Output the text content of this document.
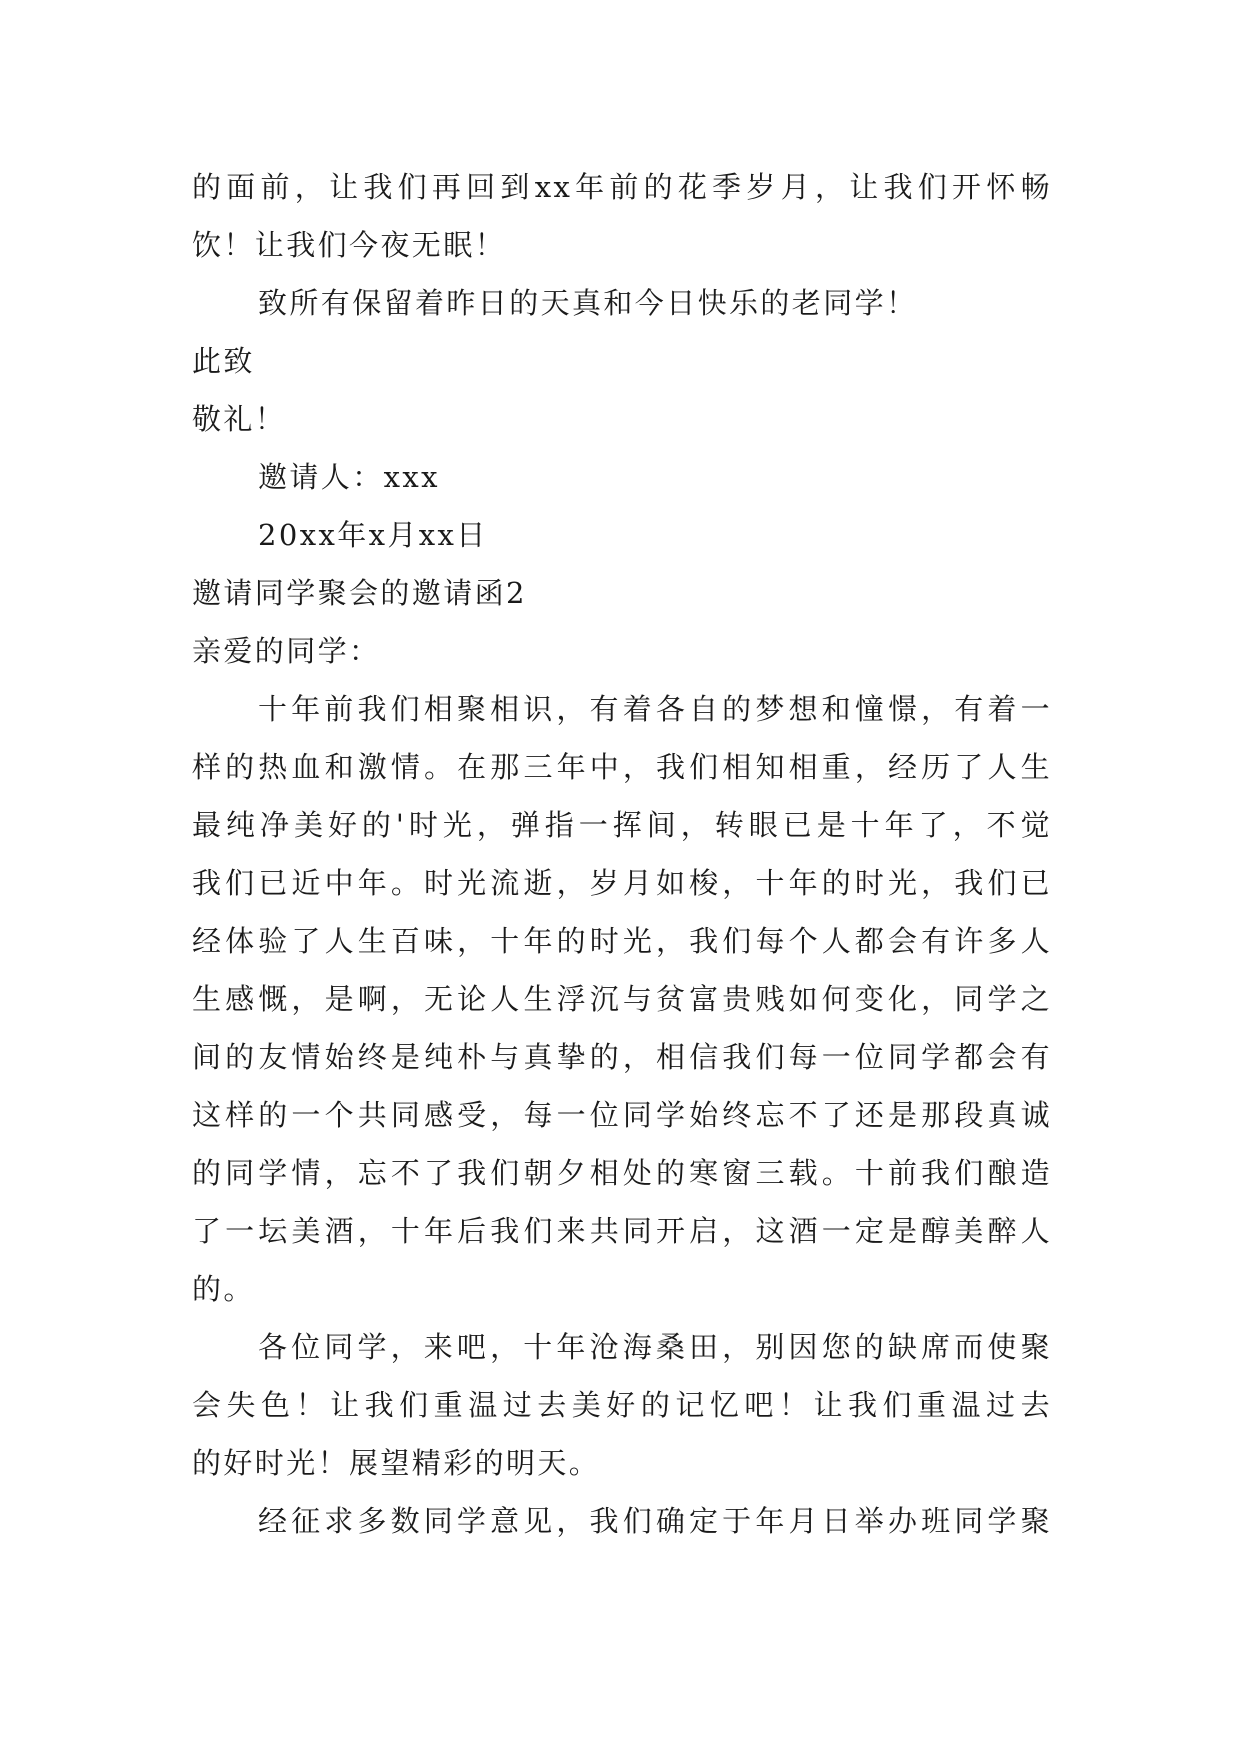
的面前，让我们再回到xx年前的花季岁月，让我们开怀畅
饮！让我们今夜无眠！
致所有保留着昨日的天真和今日快乐的老同学！
此致
敬礼！
邀请人：xxx
20xx年x月xx日
邀请同学聚会的邀请函2
亲爱的同学：
十年前我们相聚相识，有着各自的梦想和憧憬，有着一
样的热血和激情。在那三年中，我们相知相重，经历了人生
最纯净美好的'时光，弹指一挥间，转眼已是十年了，不觉
我们已近中年。时光流逝，岁月如梭，十年的时光，我们已
经体验了人生百味，十年的时光，我们每个人都会有许多人
生感慨，是啊，无论人生浮沉与贫富贵贱如何变化，同学之
间的友情始终是纯朴与真挚的，相信我们每一位同学都会有
这样的一个共同感受，每一位同学始终忘不了还是那段真诚
的同学情，忘不了我们朝夕相处的寒窗三载。十前我们酿造
了一坛美酒，十年后我们来共同开启，这酒一定是醇美醉人
的。
各位同学，来吧，十年沧海桑田，别因您的缺席而使聚
会失色！让我们重温过去美好的记忆吧！让我们重温过去
的好时光！展望精彩的明天。
经征求多数同学意见，我们确定于年月日举办班同学聚
